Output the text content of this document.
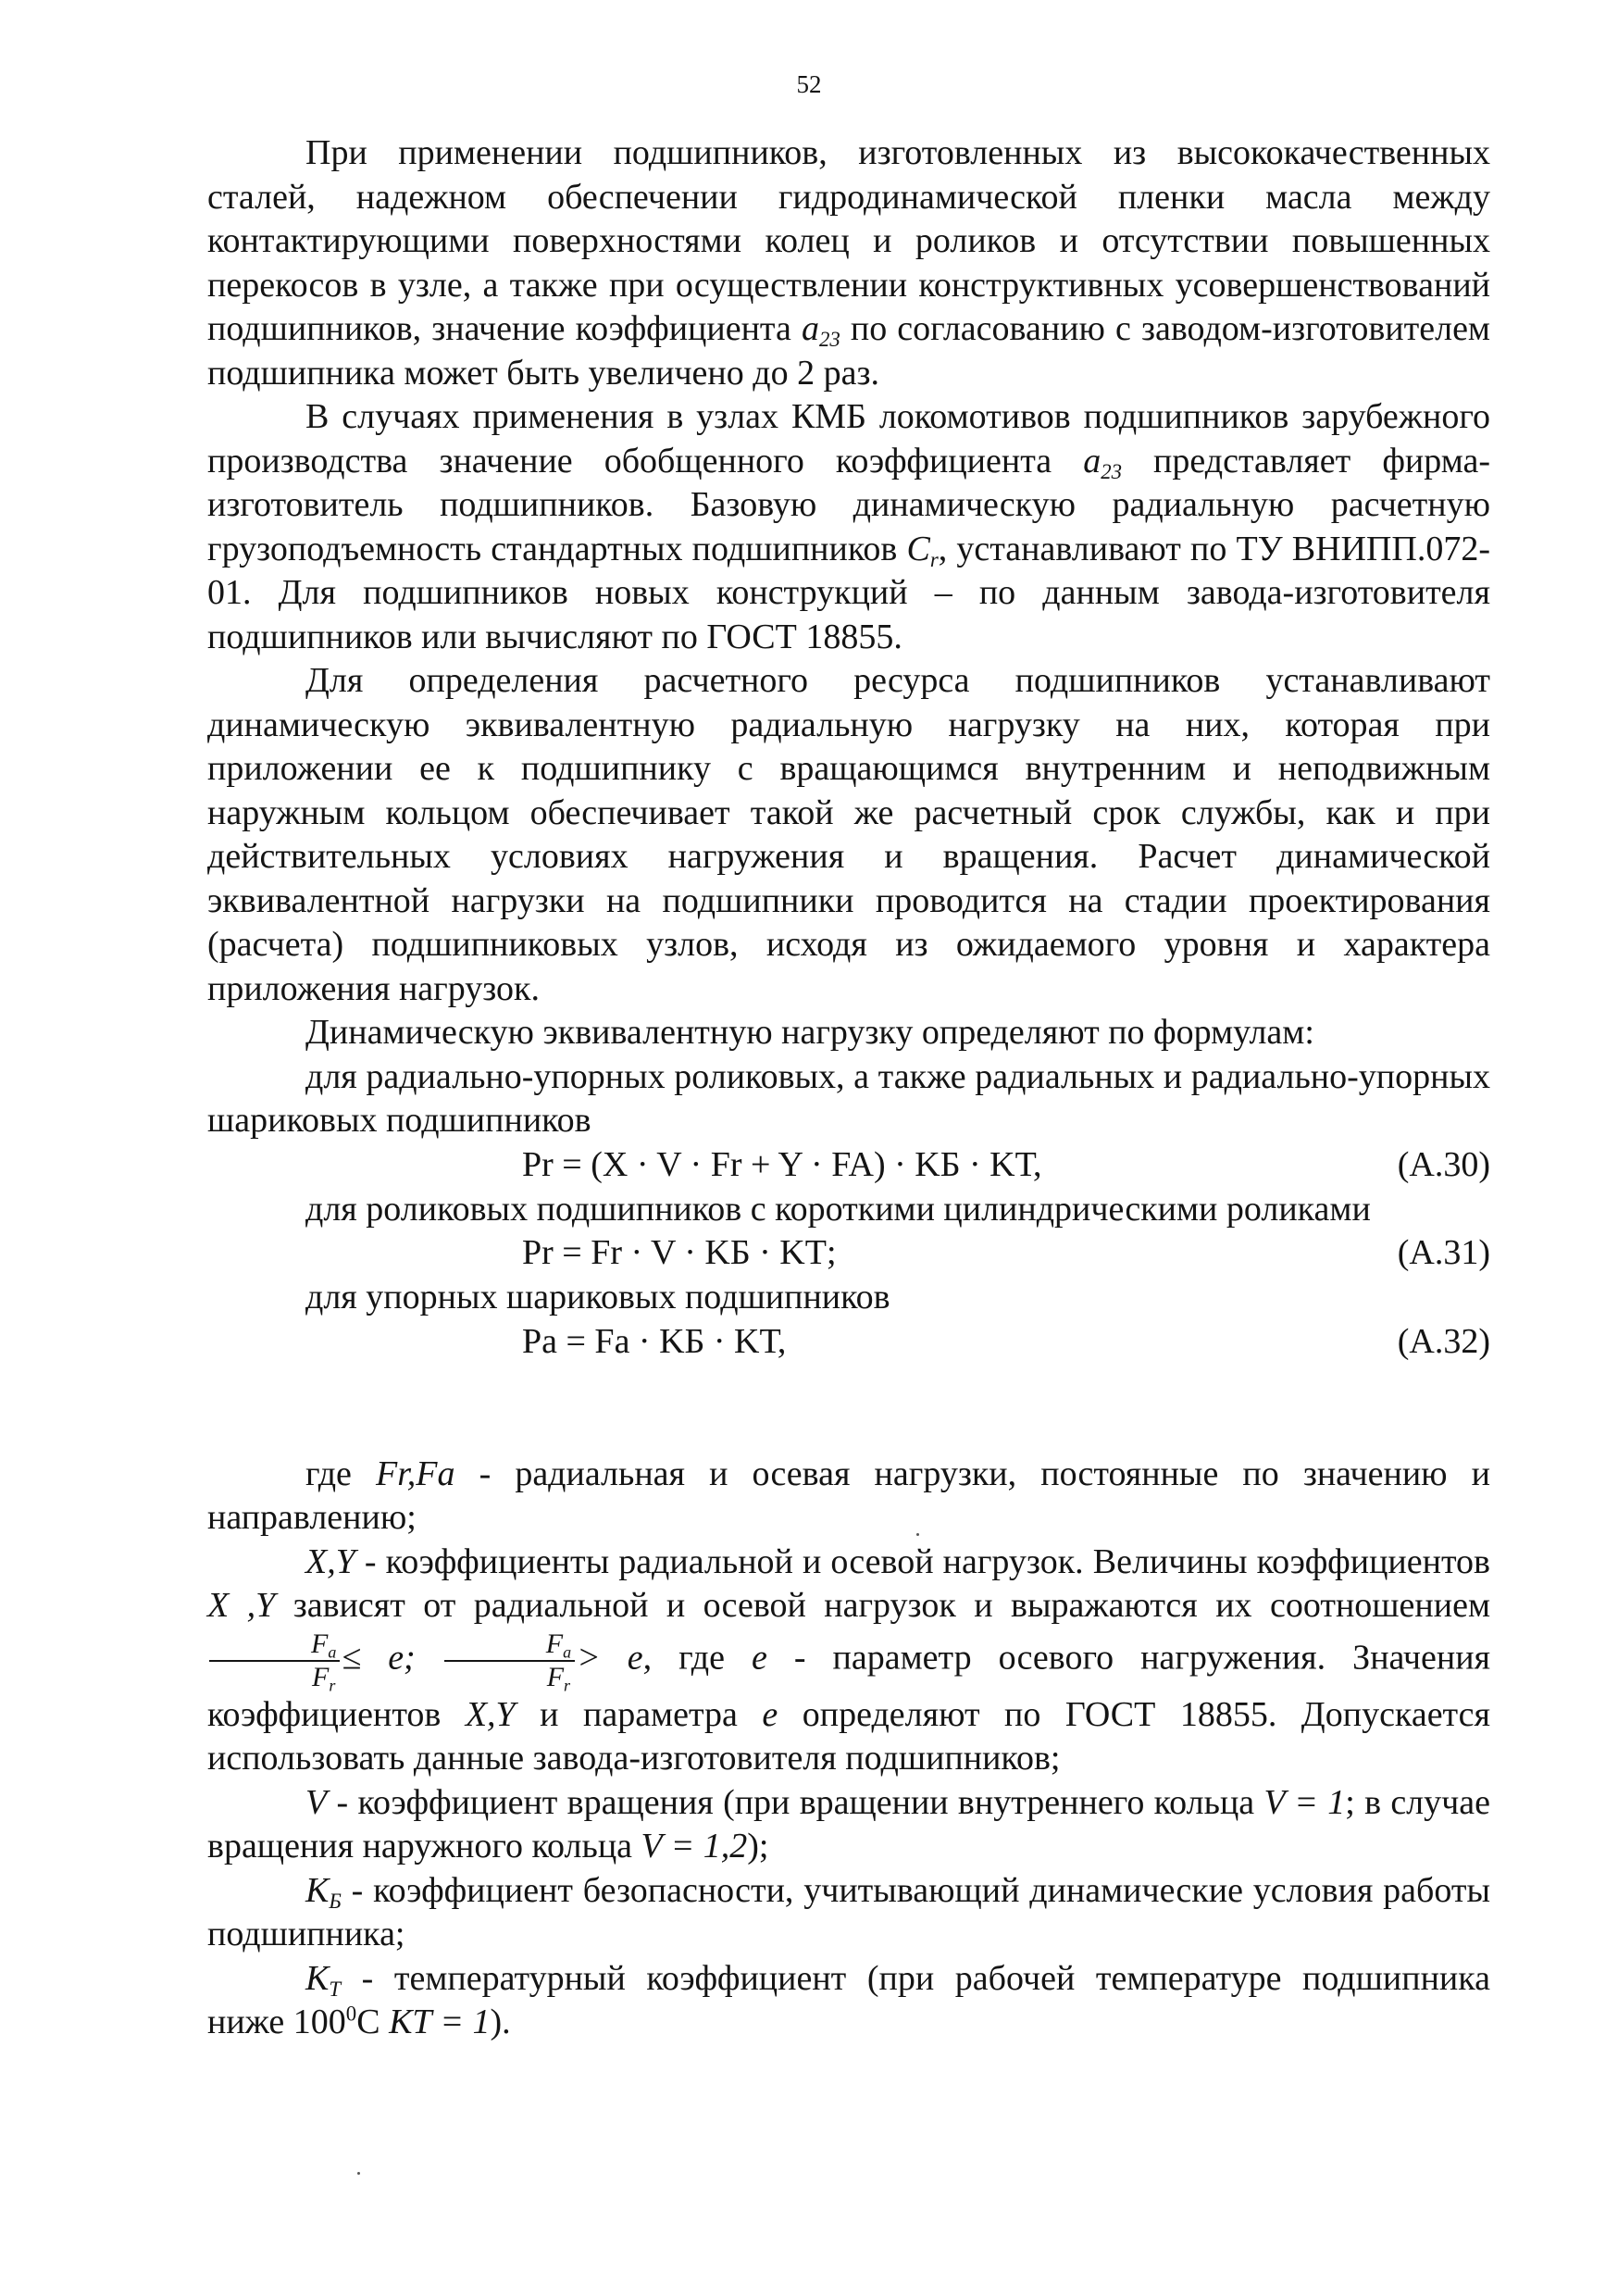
52

При применении подшипников, изготовленных из высококачественных сталей, надежном обеспечении гидродинамической пленки масла между контактирующими поверхностями колец и роликов и отсутствии повышенных перекосов в узле, а также при осуществлении конструктивных усовершенствований подшипников, значение коэффициента $a_{23}$ по согласованию с заводом-изготовителем подшипника может быть увеличено до 2 раз.

В случаях применения в узлах КМБ локомотивов подшипников зарубежного производства значение обобщенного коэффициента $a_{23}$ представляет фирма-изготовитель подшипников. Базовую динамическую радиальную расчетную грузоподъемность стандартных подшипников $C_r$, устанавливают по ТУ ВНИПП.072-01. Для подшипников новых конструкций – по данным завода-изготовителя подшипников или вычисляют по ГОСТ 18855.

Для определения расчетного ресурса подшипников устанавливают динамическую эквивалентную радиальную нагрузку на них, которая при приложении ее к подшипнику с вращающимся внутренним и неподвижным наружным кольцом обеспечивает такой же расчетный срок службы, как и при действительных условиях нагружения и вращения. Расчет динамической эквивалентной нагрузки на подшипники проводится на стадии проектирования (расчета) подшипниковых узлов, исходя из ожидаемого уровня и характера приложения нагрузок.

Динамическую эквивалентную нагрузку определяют по формулам:

для радиально-упорных роликовых, а также радиальных и радиально-упорных шариковых подшипников

Pr = (X · V · Fr + Y · FA) · KБ · KТ,	(А.30)

для роликовых подшипников с короткими цилиндрическими роликами

Pr = Fr · V · KБ · KТ;	(А.31)

для упорных шариковых подшипников

Pa = Fa · KБ · KТ,	(А.32)

где Fr,Fa - радиальная и осевая нагрузки, постоянные по значению и направлению;

X,Y - коэффициенты радиальной и осевой нагрузок. Величины коэффициентов X ,Y зависят от радиальной и осевой нагрузок и выражаются их соотношением
$\frac{F_a}{F_r} \le e$; $\frac{F_a}{F_r} > e$, где e - параметр осевого нагружения. Значения коэффициентов X,Y и параметра e определяют по ГОСТ 18855. Допускается использовать данные завода-изготовителя подшипников;

V - коэффициент вращения (при вращении внутреннего кольца V = 1; в случае вращения наружного кольца V = 1,2);

$K_Б$ - коэффициент безопасности, учитывающий динамические условия работы подшипника;

$K_T$ - температурный коэффициент (при рабочей температуре подшипника ниже $100^0C$ KT = 1).
